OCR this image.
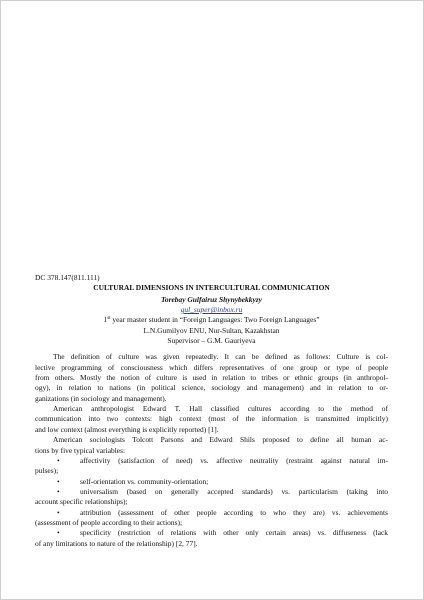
DC 378.147(811.111)
CULTURAL DIMENSIONS IN INTERCULTURAL COMMUNICATION
Torebay Gulfairuz Shynybekkyzy
gul_super@inbox.ru
1st year master student in “Foreign Languages: Two Foreign Languages”
L.N.Gumilyov ENU, Nur-Sultan, Kazakhstan
Supervisor – G.M. Gauriyeva
The definition of culture was given repeatedly. It can be defined as follows: Culture is col-
lective programming of consciousness which differs representatives of one group or type of people
from others. Mostly the notion of culture is used in relation to tribes or ethnic groups (in anthropol-
ogy), in relation to nations (in political science, sociology and management) and in relation to or-
ganizations (in sociology and management).
American anthropologist Edward T. Hall classified cultures according to the method of
communication into two contexts: high context (most of the information is transmitted implicitly)
and low context (almost everything is explicitly reported) [1].
American sociologists Tolcott Parsons and Edward Shils proposed to define all human ac-
tions by five typical variables:
•	affectivity (satisfaction of need) vs. affective neutrality (restraint against natural im-
pulses);
•	self-orientation vs. community-orientation;
•	universalism (based on generally accepted standards) vs. particularism (taking into
account specific relationships);
•	attribution (assessment of other people according to who they are) vs. achievements
(assessment of people according to their actions);
•	specificity (restriction of relations with other only certain areas) vs. diffuseness (lack
of any limitations to nature of the relationship) [2, 77].
